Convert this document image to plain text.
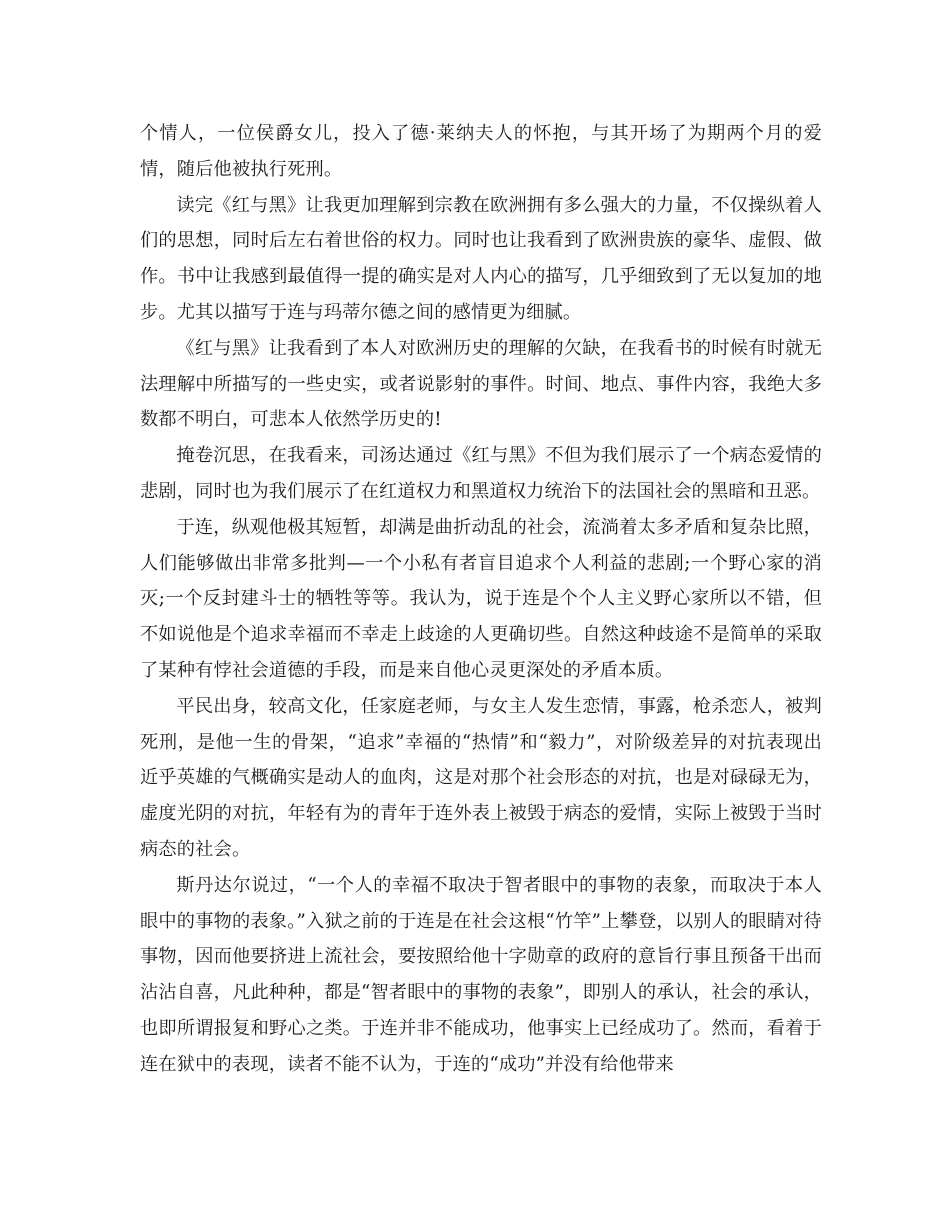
个情人，一位侯爵女儿，投入了德·莱纳夫人的怀抱，与其开场了为期两个月的爱情，随后他被执行死刑。

读完《红与黑》让我更加理解到宗教在欧洲拥有多么强大的力量，不仅操纵着人们的思想，同时后左右着世俗的权力。同时也让我看到了欧洲贵族的豪华、虚假、做作。书中让我感到最值得一提的确实是对人内心的描写，几乎细致到了无以复加的地步。尤其以描写于连与玛蒂尔德之间的感情更为细腻。

《红与黑》让我看到了本人对欧洲历史的理解的欠缺，在我看书的时候有时就无法理解中所描写的一些史实，或者说影射的事件。时间、地点、事件内容，我绝大多数都不明白，可悲本人依然学历史的!

掩卷沉思，在我看来，司汤达通过《红与黑》不但为我们展示了一个病态爱情的悲剧，同时也为我们展示了在红道权力和黑道权力统治下的法国社会的黑暗和丑恶。

于连，纵观他极其短暂，却满是曲折动乱的社会，流淌着太多矛盾和复杂比照，人们能够做出非常多批判—一个小私有者盲目追求个人利益的悲剧;一个野心家的消灭;一个反封建斗士的牺牲等等。我认为，说于连是个个人主义野心家所以不错，但不如说他是个追求幸福而不幸走上歧途的人更确切些。自然这种歧途不是简单的采取了某种有悖社会道德的手段，而是来自他心灵更深处的矛盾本质。

平民出身，较高文化，任家庭老师，与女主人发生恋情，事露，枪杀恋人，被判死刑，是他一生的骨架，“追求”幸福的“热情”和“毅力”，对阶级差异的对抗表现出近乎英雄的气概确实是动人的血肉，这是对那个社会形态的对抗，也是对碌碌无为，虚度光阴的对抗，年轻有为的青年于连外表上被毁于病态的爱情，实际上被毁于当时病态的社会。

斯丹达尔说过，“一个人的幸福不取决于智者眼中的事物的表象，而取决于本人眼中的事物的表象。”入狱之前的于连是在社会这根“竹竿”上攀登，以别人的眼睛对待事物，因而他要挤进上流社会，要按照给他十字勋章的政府的意旨行事且预备干出而沾沾自喜，凡此种种，都是“智者眼中的事物的表象”，即别人的承认，社会的承认，也即所谓报复和野心之类。于连并非不能成功，他事实上已经成功了。然而，看着于连在狱中的表现，读者不能不认为，于连的“成功”并没有给他带来
